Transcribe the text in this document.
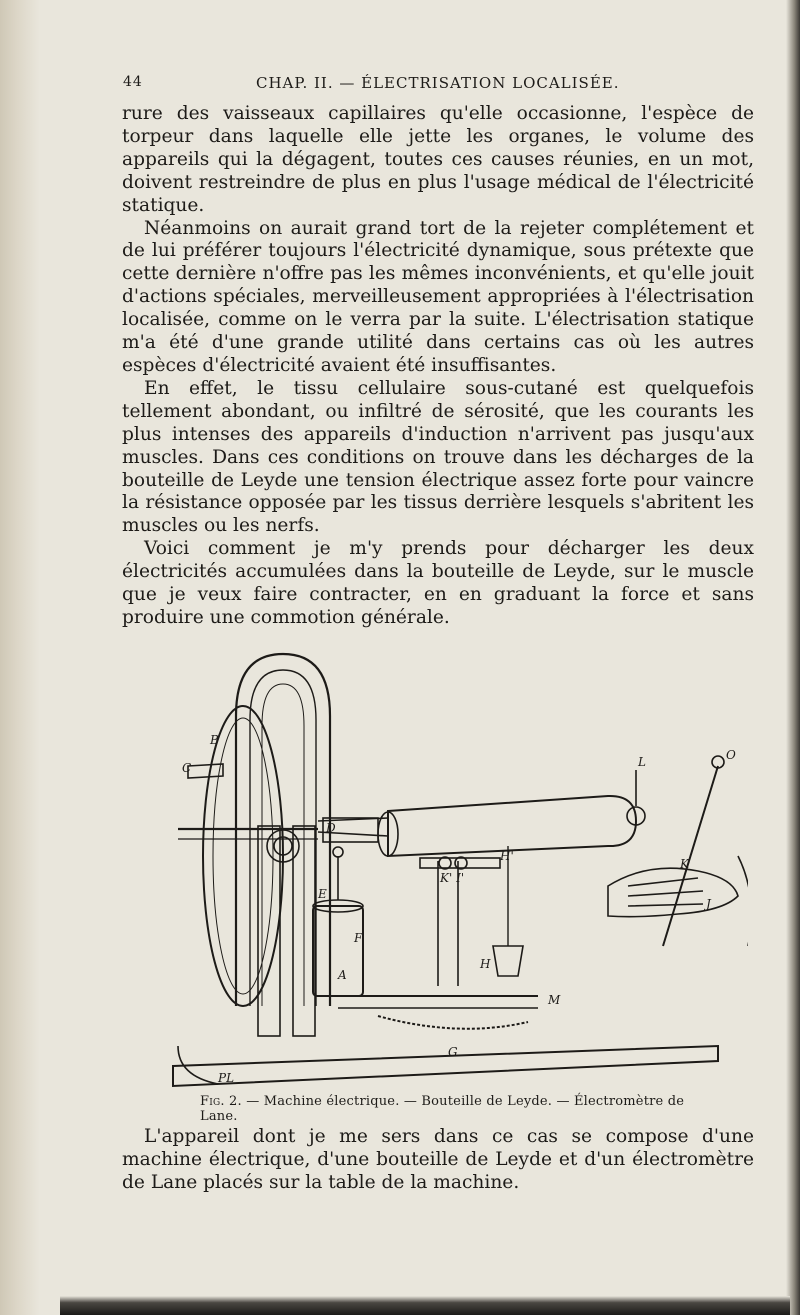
44	CHAP. II. — ÉLECTRISATION LOCALISÉE.

rure des vaisseaux capillaires qu'elle occasionne, l'espèce de torpeur dans laquelle elle jette les organes, le volume des appareils qui la dégagent, toutes ces causes réunies, en un mot, doivent restreindre de plus en plus l'usage médical de l'électricité statique.

Néanmoins on aurait grand tort de la rejeter complétement et de lui préférer toujours l'électricité dynamique, sous prétexte que cette dernière n'offre pas les mêmes inconvénients, et qu'elle jouit d'actions spéciales, merveilleusement appropriées à l'électrisation localisée, comme on le verra par la suite. L'électrisation statique m'a été d'une grande utilité dans certains cas où les autres espèces d'électricité avaient été insuffisantes.

En effet, le tissu cellulaire sous-cutané est quelquefois tellement abondant, ou infiltré de sérosité, que les courants les plus intenses des appareils d'induction n'arrivent pas jusqu'aux muscles. Dans ces conditions on trouve dans les décharges de la bouteille de Leyde une tension électrique assez forte pour vaincre la résistance opposée par les tissus derrière lesquels s'abritent les muscles ou les nerfs.

Voici comment je m'y prends pour décharger les deux électricités accumulées dans la bouteille de Leyde, sur le muscle que je veux faire contracter, en en graduant la force et sans produire une commotion générale.

B
C
D
E
F
A
H
H'
K' I'
L
K
J
M
G
PL
O
Fig. 2. — Machine électrique. — Bouteille de Leyde. — Électromètre de Lane.

L'appareil dont je me sers dans ce cas se compose d'une machine électrique, d'une bouteille de Leyde et d'un électromètre de Lane placés sur la table de la machine.
